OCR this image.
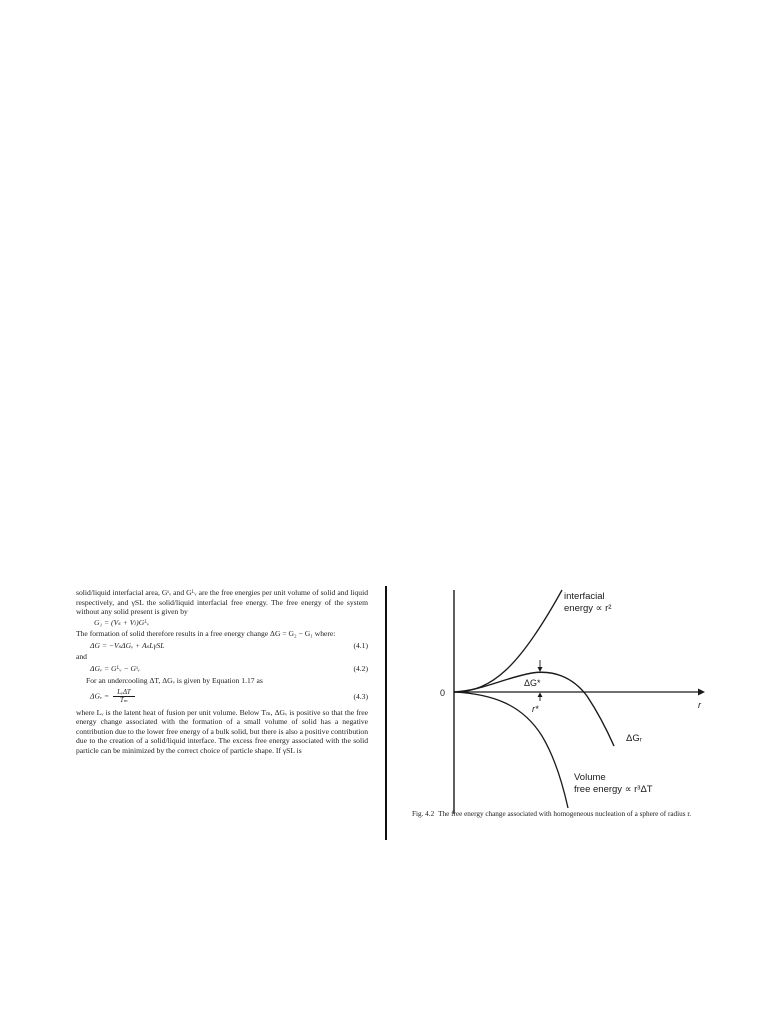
solid/liquid interfacial area, Gˢᵥ and Gᴸᵥ are the free energies per unit volume of solid and liquid respectively, and γSL the solid/liquid interfacial free energy. The free energy of the system without any solid present is given by

G₁ = (Vₛ + Vₗ)Gᴸᵥ

The formation of solid therefore results in a free energy change ΔG = G₂ − G₁ where:

ΔG = −VₛΔGᵥ + AₛLγSL	(4.1)

and

ΔGᵥ = Gᴸᵥ − Gˢᵥ	(4.2)

For an undercooling ΔT, ΔGᵥ is given by Equation 1.17 as

ΔGᵥ = $\frac{\text{LᵥΔT}}{\text{Tₘ}}$	(4.3)

where Lᵥ is the latent heat of fusion per unit volume. Below Tₘ, ΔGᵥ is positive so that the free energy change associated with the formation of a small volume of solid has a negative contribution due to the lower free energy of a bulk solid, but there is also a positive contribution due to the creation of a solid/liquid interface. The excess free energy associated with the solid particle can be minimized by the correct choice of particle shape. If γSL is

0
r
interfacial
energy ∝ r²
ΔG*
r*
ΔGᵣ
Volume
free energy ∝ r³ΔT
Fig. 4.2 The free energy change associated with homogeneous nucleation of a sphere of radius r.
